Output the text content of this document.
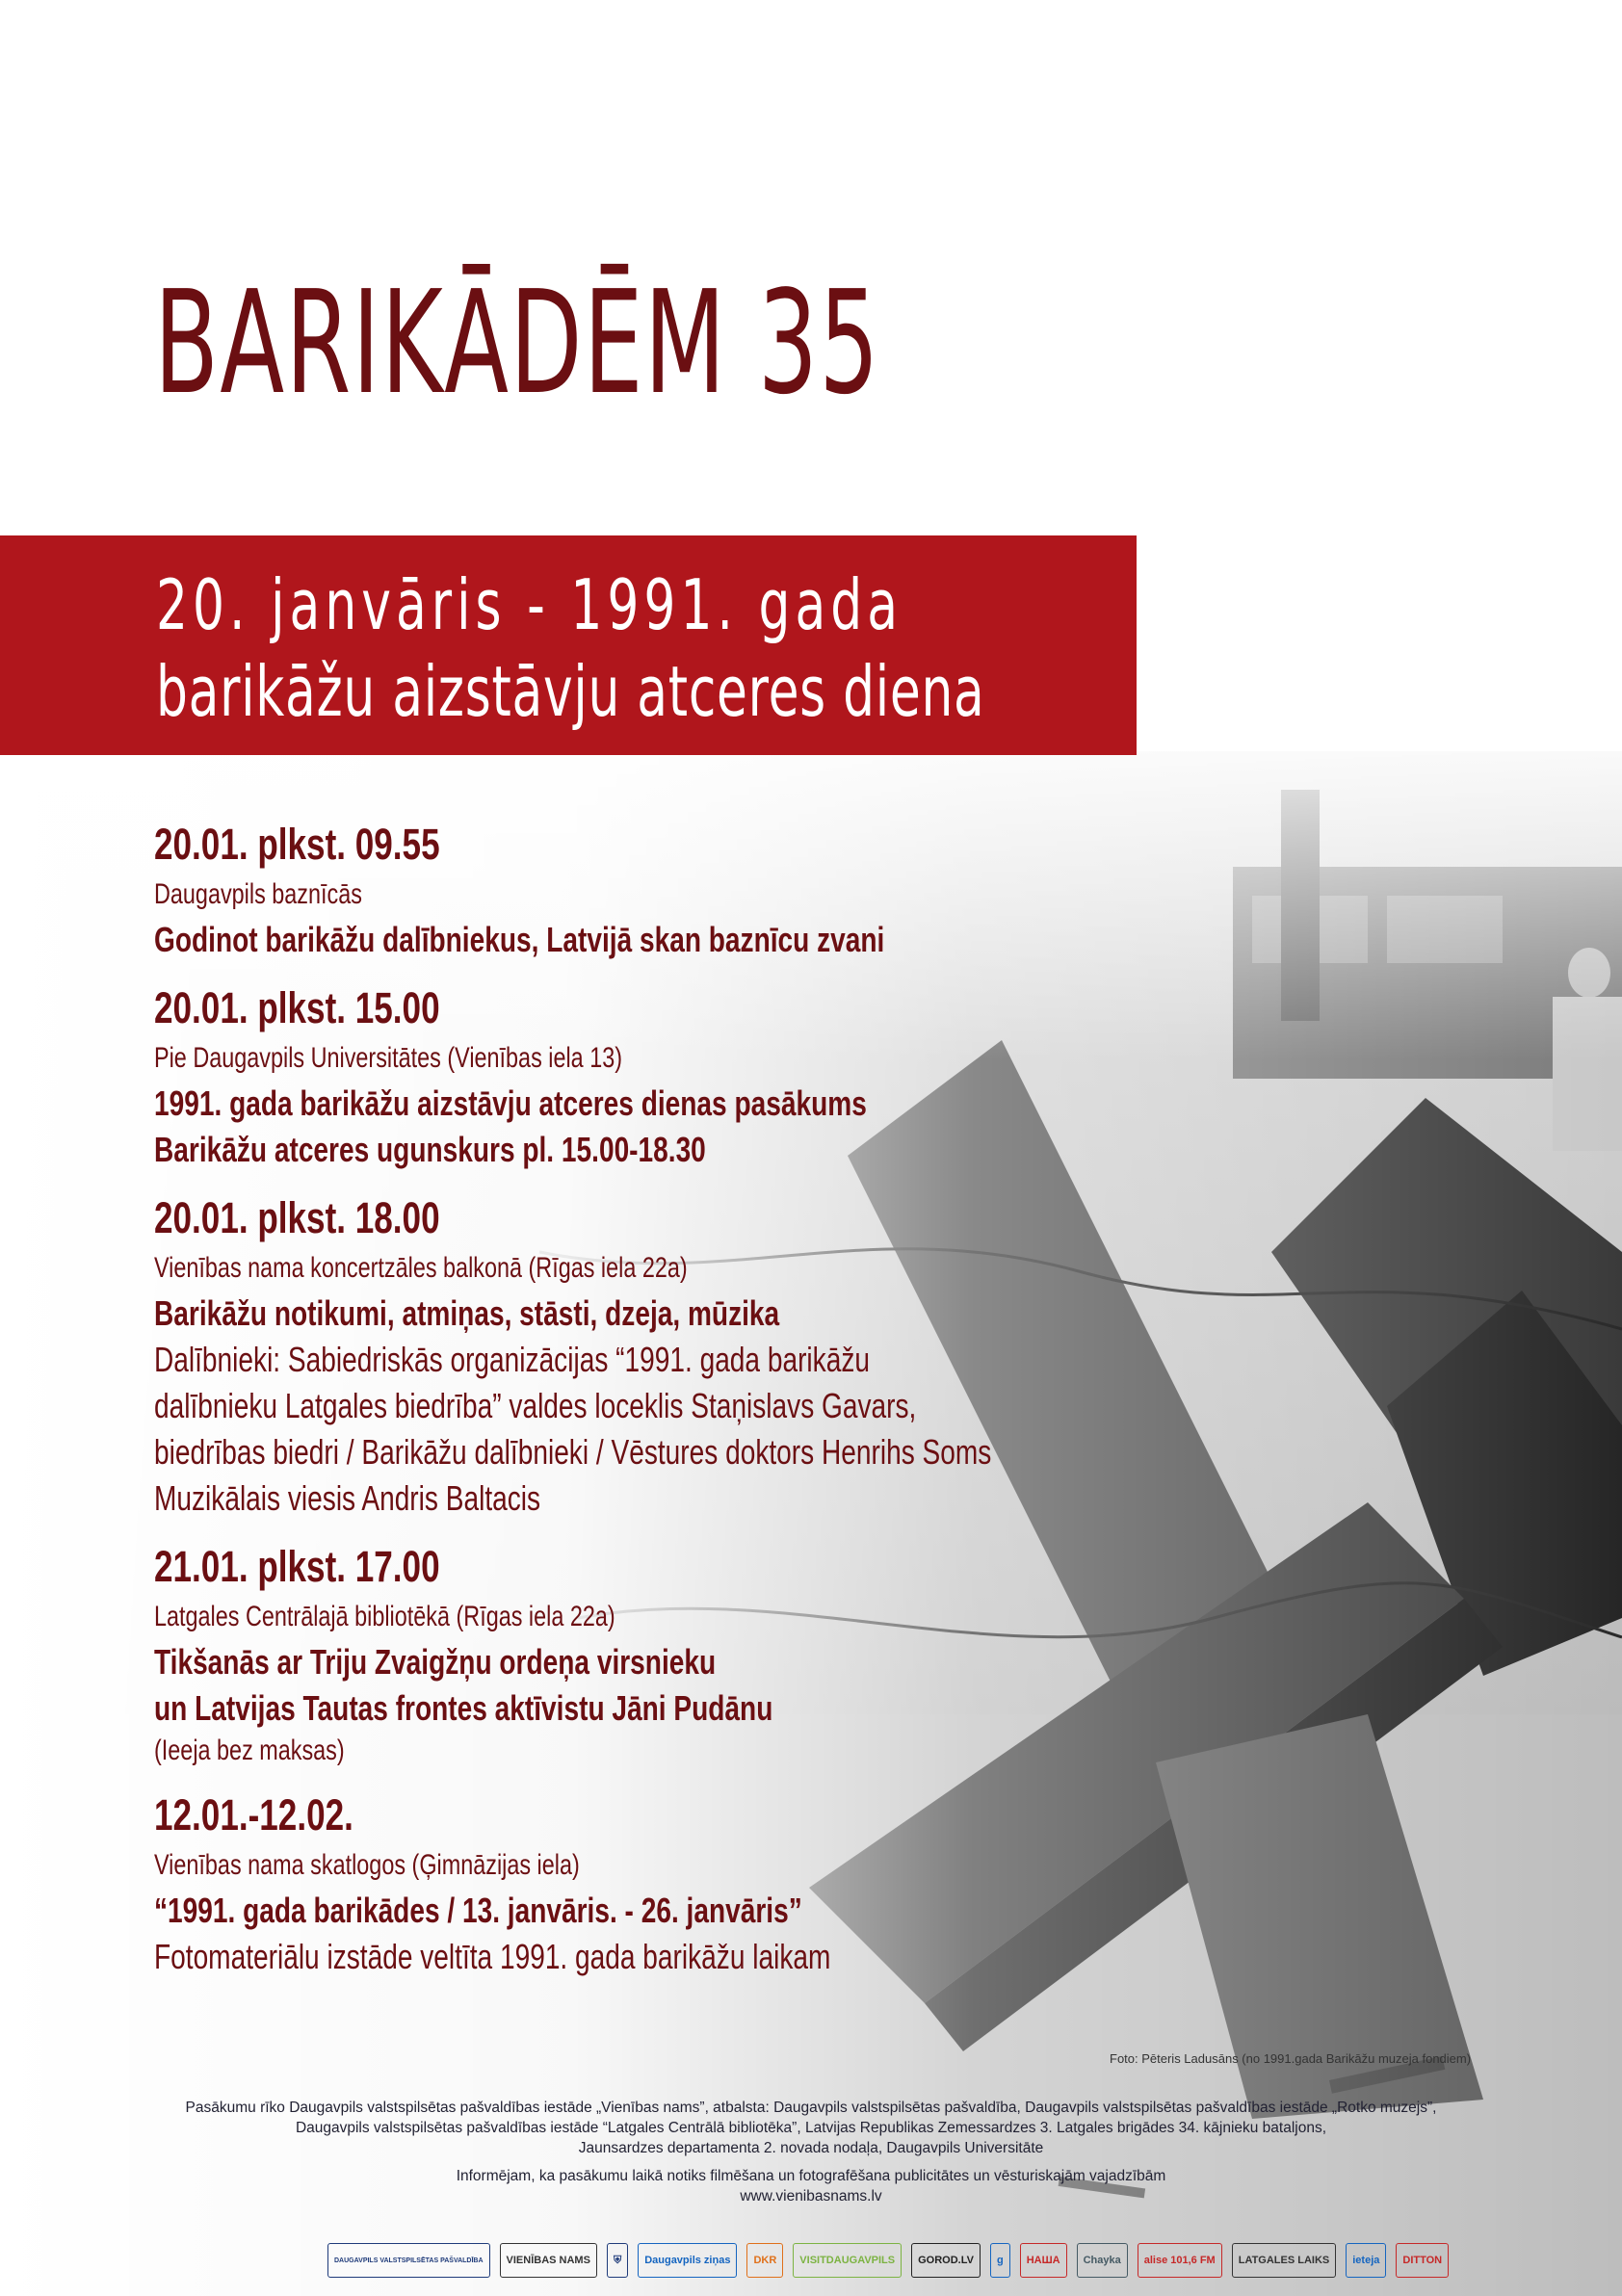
BARIKĀDĒM 35
20. janvāris - 1991. gada
barikāžu aizstāvju atceres diena
20.01. plkst. 09.55
Daugavpils baznīcās
Godinot barikāžu dalībniekus, Latvijā skan baznīcu zvani
20.01. plkst. 15.00
Pie Daugavpils Universitātes (Vienības iela 13)
1991. gada barikāžu aizstāvju atceres dienas pasākums
Barikāžu atceres ugunskurs pl. 15.00-18.30
20.01. plkst. 18.00
Vienības nama koncertzāles balkonā (Rīgas iela 22a)
Barikāžu notikumi, atmiņas, stāsti, dzeja, mūzika
Dalībnieki: Sabiedriskās organizācijas “1991. gada barikāžu
dalībnieku Latgales biedrība” valdes loceklis Staņislavs Gavars,
biedrības biedri / Barikāžu dalībnieki / Vēstures doktors Henrihs Soms
Muzikālais viesis Andris Baltacis
21.01. plkst. 17.00
Latgales Centrālajā bibliotēkā (Rīgas iela 22a)
Tikšanās ar Triju Zvaigžņu ordeņa virsnieku
un Latvijas Tautas frontes aktīvistu Jāni Pudānu
(Ieeja bez maksas)
12.01.-12.02.
Vienības nama skatlogos (Ģimnāzijas iela)
“1991. gada barikādes / 13. janvāris. - 26. janvāris”
Fotomateriālu izstāde veltīta 1991. gada barikāžu laikam
Foto: Pēteris Ladusāns (no 1991.gada Barikāžu muzeja fondiem)

Pasākumu rīko Daugavpils valstspilsētas pašvaldības iestāde „Vienības nams”, atbalsta: Daugavpils valstspilsētas pašvaldība, Daugavpils valstspilsētas pašvaldības iestāde „Rotko muzejs”,

Daugavpils valstspilsētas pašvaldības iestāde “Latgales Centrālā bibliotēka”, Latvijas Republikas Zemessardzes 3. Latgales brigādes 34. kājnieku bataljons,

Jaunsardzes departamenta 2. novada nodaļa, Daugavpils Universitāte

Informējam, ka pasākumu laikā notiks filmēšana un fotografēšana publicitātes un vēsturiskajām vajadzībām

www.vienibasnams.lv

DAUGAVPILS VALSTSPILSĒTAS PAŠVALDĪBA	VIENĪBAS NAMS	⛨	Daugavpils ziņas	DKR	VISITDAUGAVPILS	GOROD.LV	g	НАША	Chayka	alise 101,6 FM	LATGALES LAIKS	ieteja	DITTON
